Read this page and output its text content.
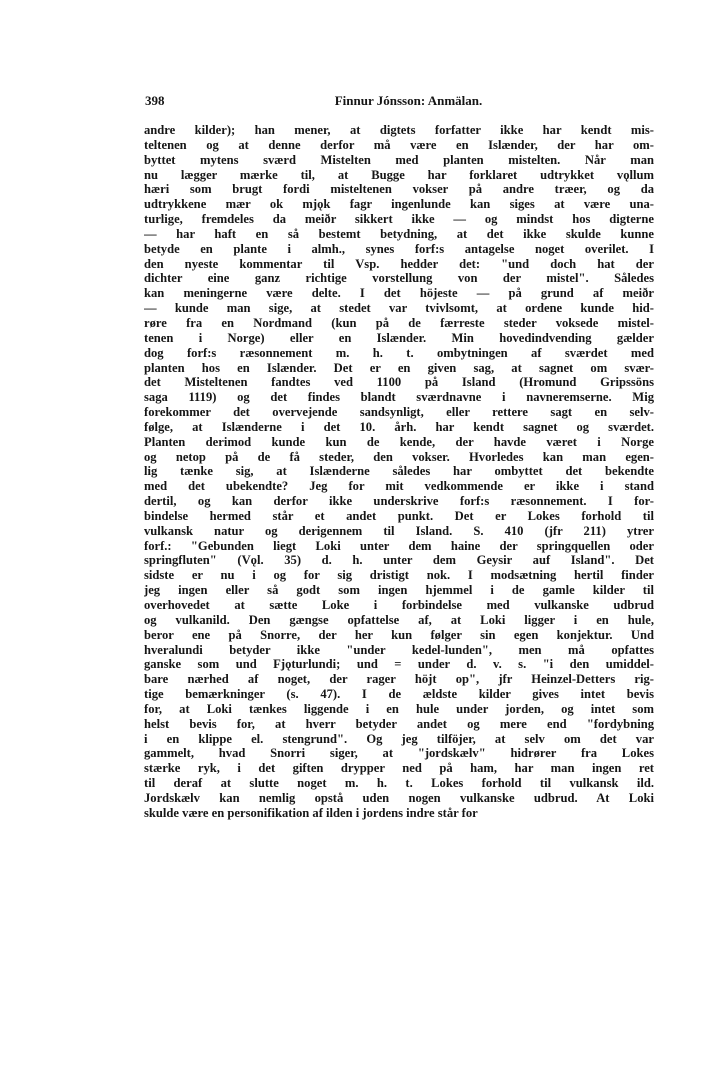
398	Finnur Jónsson: Anmälan.
andre kilder); han mener, at digtets forfatter ikke har kendt mis-
teltenen og at denne derfor må være en Islænder, der har om-
byttet mytens sværd Mistelten med planten mistelten. Når man
nu lægger mærke til, at Bugge har forklaret udtrykket vǫllum
hæri som brugt fordi misteltenen vokser på andre træer, og da
udtrykkene mær ok mjǫk fagr ingenlunde kan siges at være una-
turlige, fremdeles da meiðr sikkert ikke — og mindst hos digterne
— har haft en så bestemt betydning, at det ikke skulde kunne
betyde en plante i almh., synes forf:s antagelse noget overilet. I
den nyeste kommentar til Vsp. hedder det: "und doch hat der
dichter eine ganz richtige vorstellung von der mistel". Således
kan meningerne være delte. I det höjeste — på grund af meiðr
— kunde man sige, at stedet var tvivlsomt, at ordene kunde hid-
røre fra en Nordmand (kun på de færreste steder voksede mistel-
tenen i Norge) eller en Islænder. Min hovedindvending gælder
dog forf:s ræsonnement m. h. t. ombytningen af sværdet med
planten hos en Islænder. Det er en given sag, at sagnet om svær-
det Misteltenen fandtes ved 1100 på Island (Hromund Gripssöns
saga 1119) og det findes blandt sværdnavne i navneremserne. Mig
forekommer det overvejende sandsynligt, eller rettere sagt en selv-
følge, at Islænderne i det 10. årh. har kendt sagnet og sværdet.
Planten derimod kunde kun de kende, der havde været i Norge
og netop på de få steder, den vokser. Hvorledes kan man egen-
lig tænke sig, at Islænderne således har ombyttet det bekendte
med det ubekendte? Jeg for mit vedkommende er ikke i stand
dertil, og kan derfor ikke underskrive forf:s ræsonnement. I for-
bindelse hermed står et andet punkt. Det er Lokes forhold til
vulkansk natur og derigennem til Island. S. 410 (jfr 211) ytrer
forf.: "Gebunden liegt Loki unter dem haine der springquellen oder
springfluten" (Vǫl. 35) d. h. unter dem Geysir auf Island". Det
sidste er nu i og for sig dristigt nok. I modsætning hertil finder
jeg ingen eller så godt som ingen hjemmel i de gamle kilder til
overhovedet at sætte Loke i forbindelse med vulkanske udbrud
og vulkanild. Den gængse opfattelse af, at Loki ligger i en hule,
beror ene på Snorre, der her kun følger sin egen konjektur. Und
hveralundi betyder ikke "under kedel-lunden", men må opfattes
ganske som und Fjǫturlundi; und = under d. v. s. "i den umiddel-
bare nærhed af noget, der rager höjt op", jfr Heinzel-Detters rig-
tige bemærkninger (s. 47). I de ældste kilder gives intet bevis
for, at Loki tænkes liggende i en hule under jorden, og intet som
helst bevis for, at hverr betyder andet og mere end "fordybning
i en klippe el. stengrund". Og jeg tilföjer, at selv om det var
gammelt, hvad Snorri siger, at "jordskælv" hidrører fra Lokes
stærke ryk, i det giften drypper ned på ham, har man ingen ret
til deraf at slutte noget m. h. t. Lokes forhold til vulkansk ild.
Jordskælv kan nemlig opstå uden nogen vulkanske udbrud. At Loki
skulde være en personifikation af ilden i jordens indre står for
